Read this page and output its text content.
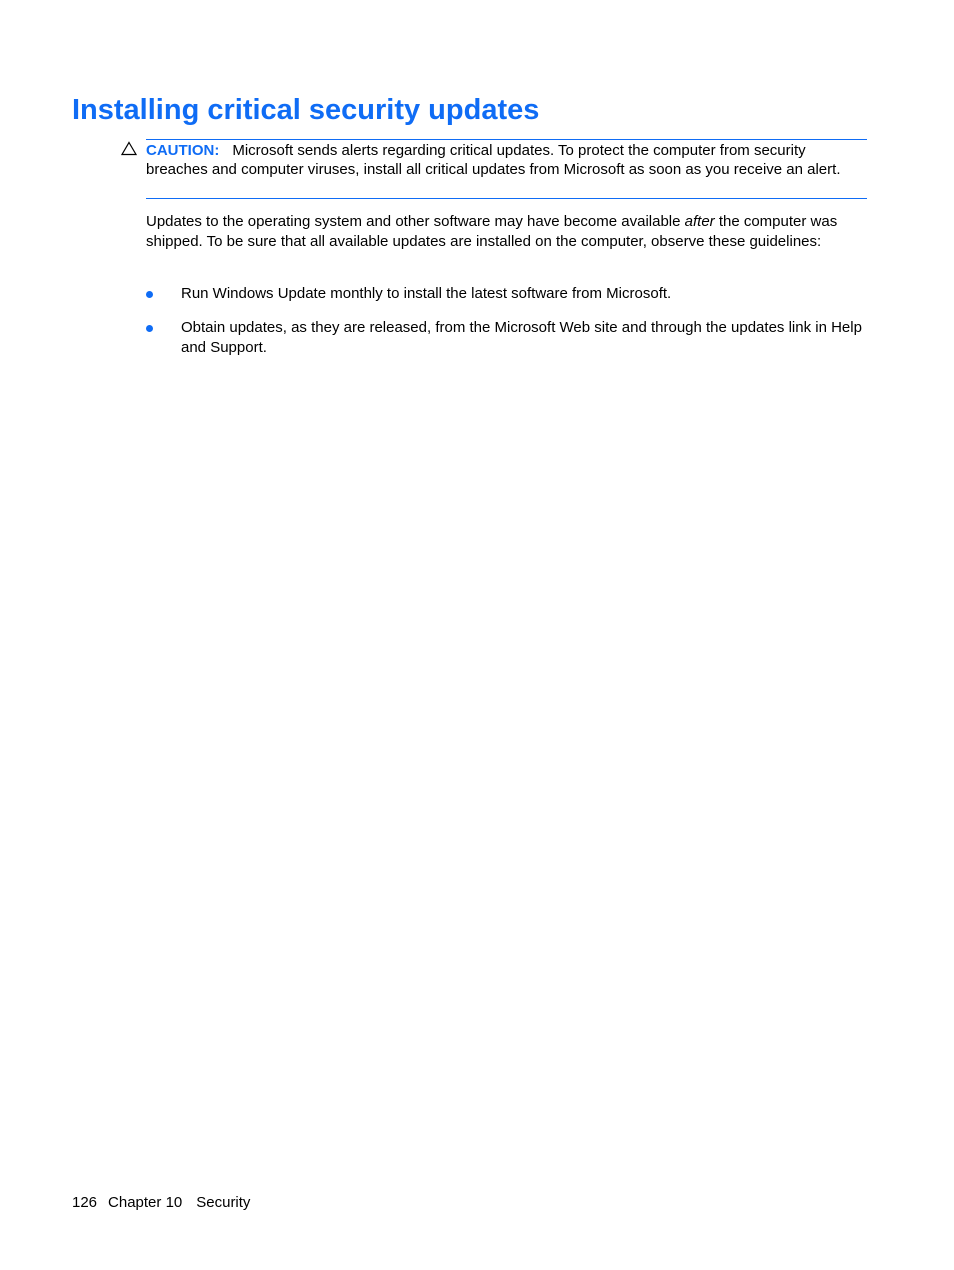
Installing critical security updates

CAUTION: Microsoft sends alerts regarding critical updates. To protect the computer from security breaches and computer viruses, install all critical updates from Microsoft as soon as you receive an alert.

Updates to the operating system and other software may have become available after the computer was shipped. To be sure that all available updates are installed on the computer, observe these guidelines:

Run Windows Update monthly to install the latest software from Microsoft.
Obtain updates, as they are released, from the Microsoft Web site and through the updates link in Help and Support.
126 Chapter 10 Security
